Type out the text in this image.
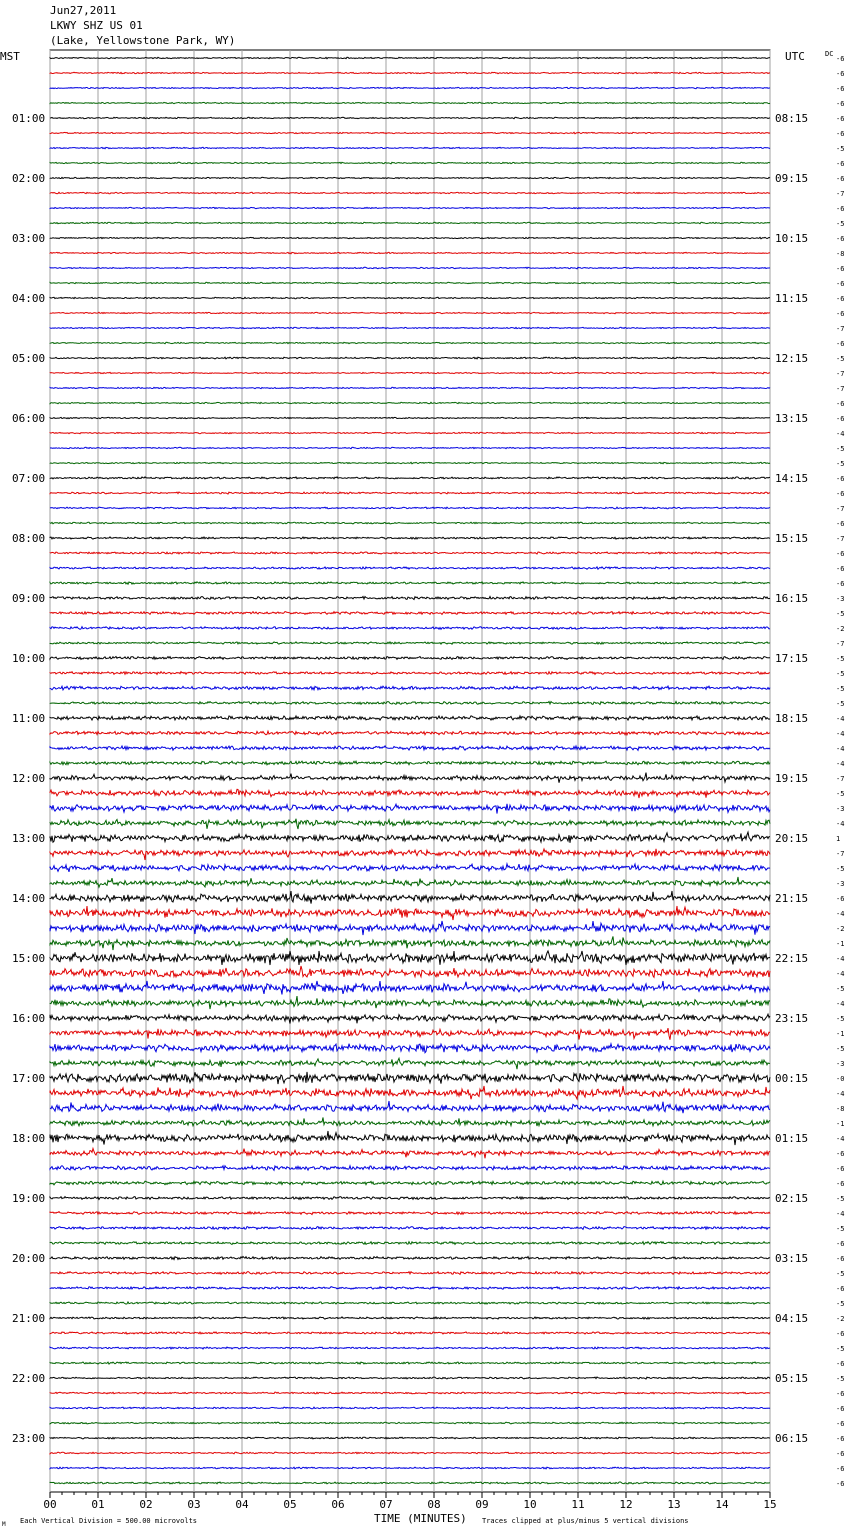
Jun27,2011
LKWY SHZ US 01
(Lake, Yellowstone Park, WY)
MST	UTC	DC
TIME (MINUTES)
Each Vertical Division = 500.00 microvolts	Traces clipped at plus/minus 5 vertical divisions
M
00	01	02	03	04	05	06	07	08	09	10	11	12	13	14	15
01:00
02:00
03:00
04:00
05:00
06:00
07:00
08:00
09:00
10:00
11:00
12:00
13:00
14:00
15:00
16:00
17:00
18:00
19:00
20:00
21:00
22:00
23:00
08:15
09:15
10:15
11:15
12:15
13:15
14:15
15:15
16:15
17:15
18:15
19:15
20:15
21:15
22:15
23:15
00:15
01:15
02:15
03:15
04:15
05:15
06:15
-6
-6
-6
-6
-6
-6
-5
-6
-6
-7
-6
-5
-6
-8
-6
-6
-6
-6
-7
-6
-5
-7
-7
-6
-6
-4
-5
-5
-6
-6
-7
-6
-7
-6
-6
-6
-3
-5
-2
-7
-5
-5
-5
-5
-4
-4
-4
-4
-7
-5
-3
-4
1
-7
-5
-3
-6
-4
-2
-1
-4
-4
-5
-4
-5
-1
-5
-3
-0
-4
-8
-1
-4
-6
-6
-6
-5
-4
-5
-6
-6
-5
-6
-5
-2
-6
-5
-6
-5
-6
-6
-6
-6
-6
-6
-6
